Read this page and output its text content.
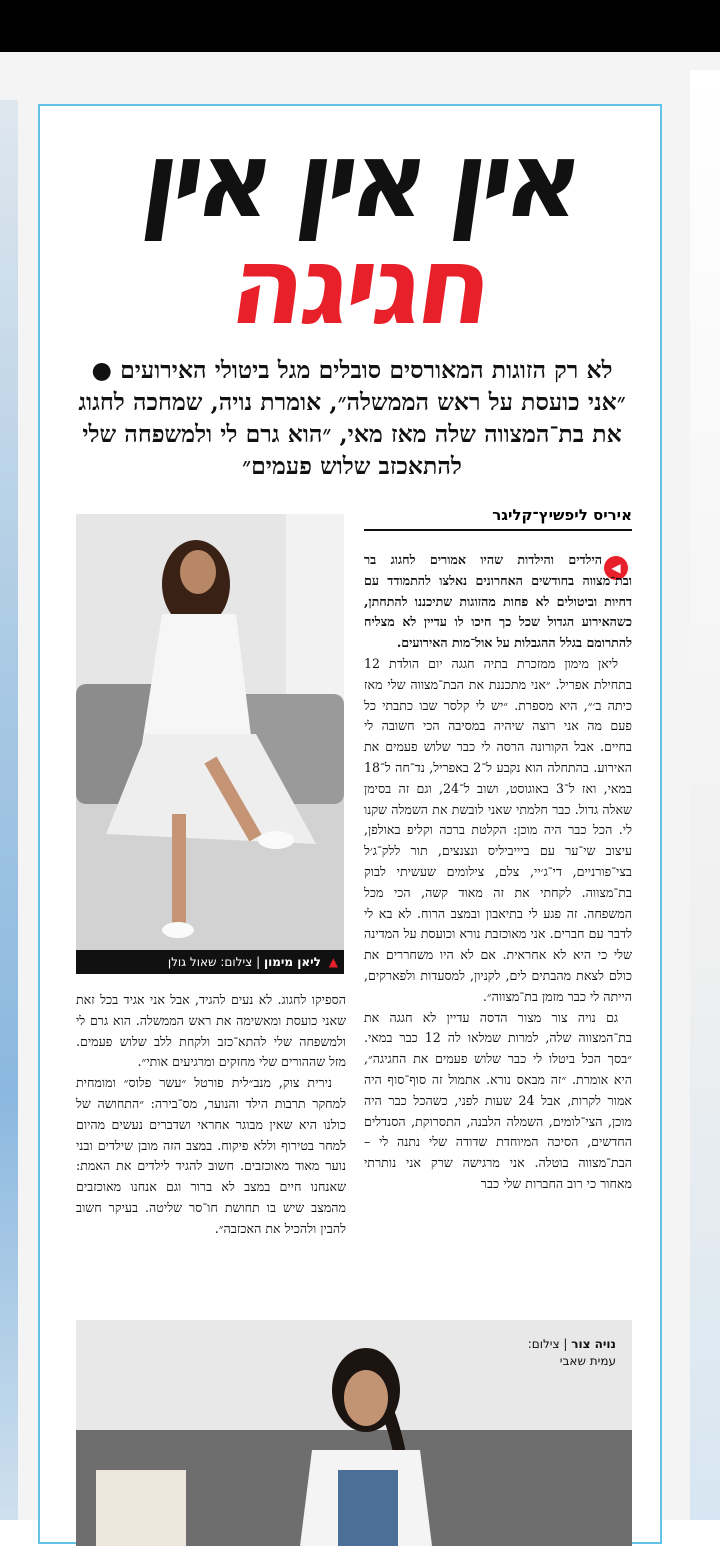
אין אין אין
חגיגה
לא רק הזוגות המאורסים סובלים מגל ביטולי האירועים ● ״אני כועסת על ראש הממשלה״, אומרת נויה, שמחכה לחגוג את בת־המצווה שלה מאז מאי, ״הוא גרם לי ולמשפחה שלי להתאכזב שלוש פעמים״
איריס ליפשיץ־קליגר
◀

הילדים והילדות שהיו אמורים לחגוג בר ובת־מצווה בחודשים האחרונים נאלצו להתמודד עם דחיות וביטולים לא פחות מהזוגות שתיכננו להתחתן, כשהאירוע הגדול שכל כך חיכו לו עדיין לא מצליח להתרומם בגלל ההגבלות על אול־מות האירועים.

ליאן מימון ממזכרת בתיה חגגה יום הולדת 12 בתחילת אפריל. ״אני מתכננת את הבת־מצווה שלי מאז כיתה ב׳״, היא מספרת. ״יש לי קלסר שבו כתבתי כל פעם מה אני רוצה שיהיה במסיבה הכי חשובה לי בחיים. אבל הקורונה הרסה לי כבר שלוש פעמים את האירוע. בהתחלה הוא נקבע ל־2 באפריל, נד־חה ל־18 במאי, ואז ל־3 באוגוסט, ושוב ל־24, וגם זה בסימן שאלה גדול. כבר חלמתי שאני לובשת את השמלה שקנו לי. הכל כבר היה מוכן: הקלטת ברכה וקליפ באולפן, עיצוב שי־ער עם ביייביליס ונצנצים, תור ללק־ג׳ל בצי־פורניים, די־ג׳יי, צלם, צילומים שעשיתי לבוק בת־מצווה. לקחתי את זה מאוד קשה, הכי מכל המשפחה. זה פגע לי בתיאבון ובמצב הרוח. לא בא לי לדבר עם חברים. אני מאוכזבת נורא וכועסת על המדינה שלי כי היא לא אחראית. אם לא היו משחררים את כולם לצאת מהבתים לים, לקניון, למסעדות ולפארקים, הייתה לי כבר מזמן בת־מצווה״.

גם נויה צור מצור הדסה עדיין לא חגגה את בת־המצווה שלה, למרות שמלאו לה 12 כבר במאי. ״בסך הכל ביטלו לי כבר שלוש פעמים את החגיגה״, היא אומרת. ״זה מבאס נורא. אתמול זה סוף־סוף היה אמור לקרות, אבל 24 שעות לפני, כשהכל כבר היה מוכן, הצי־לומים, השמלה הלבנה, התסרוקת, הסנדלים החדשים, הסיכה המיוחדת שדודה שלי נתנה לי – הבת־מצווה בוטלה. אני מרגישה שרק אני נותרתי מאחור כי רוב החברות שלי כבר

▲ ליאן מימון | צילום: שאול גולן

הספיקו לחגוג. לא נעים להגיד, אבל אני אגיד בכל זאת שאני כועסת ומאשימה את ראש הממשלה. הוא גרם לי ולמשפחה שלי להתא־כזב ולקחת ללב שלוש פעמים. מזל שההורים שלי מחזקים ומרגיעים אותי״.

נירית צוק, מנב״לית פורטל ״עשר פלוס״ ומומחית למחקר תרבות הילד והנוער, מס־בירה: ״התחושה של כולנו היא שאין מבוגר אחראי ושדברים נעשים מהיום למחר בטירוף וללא פיקוח. במצב הזה מובן שילדים ובני נוער מאוד מאוכזבים. חשוב להגיד לילדים את האמת: שאנחנו חיים במצב לא ברור וגם אנחנו מאוכזבים מהמצב שיש בו תחושת חו־סר שליטה. בעיקר חשוב להבין ולהכיל את האכזבה״.

נויה צור | צילום:
עמית שאבי
